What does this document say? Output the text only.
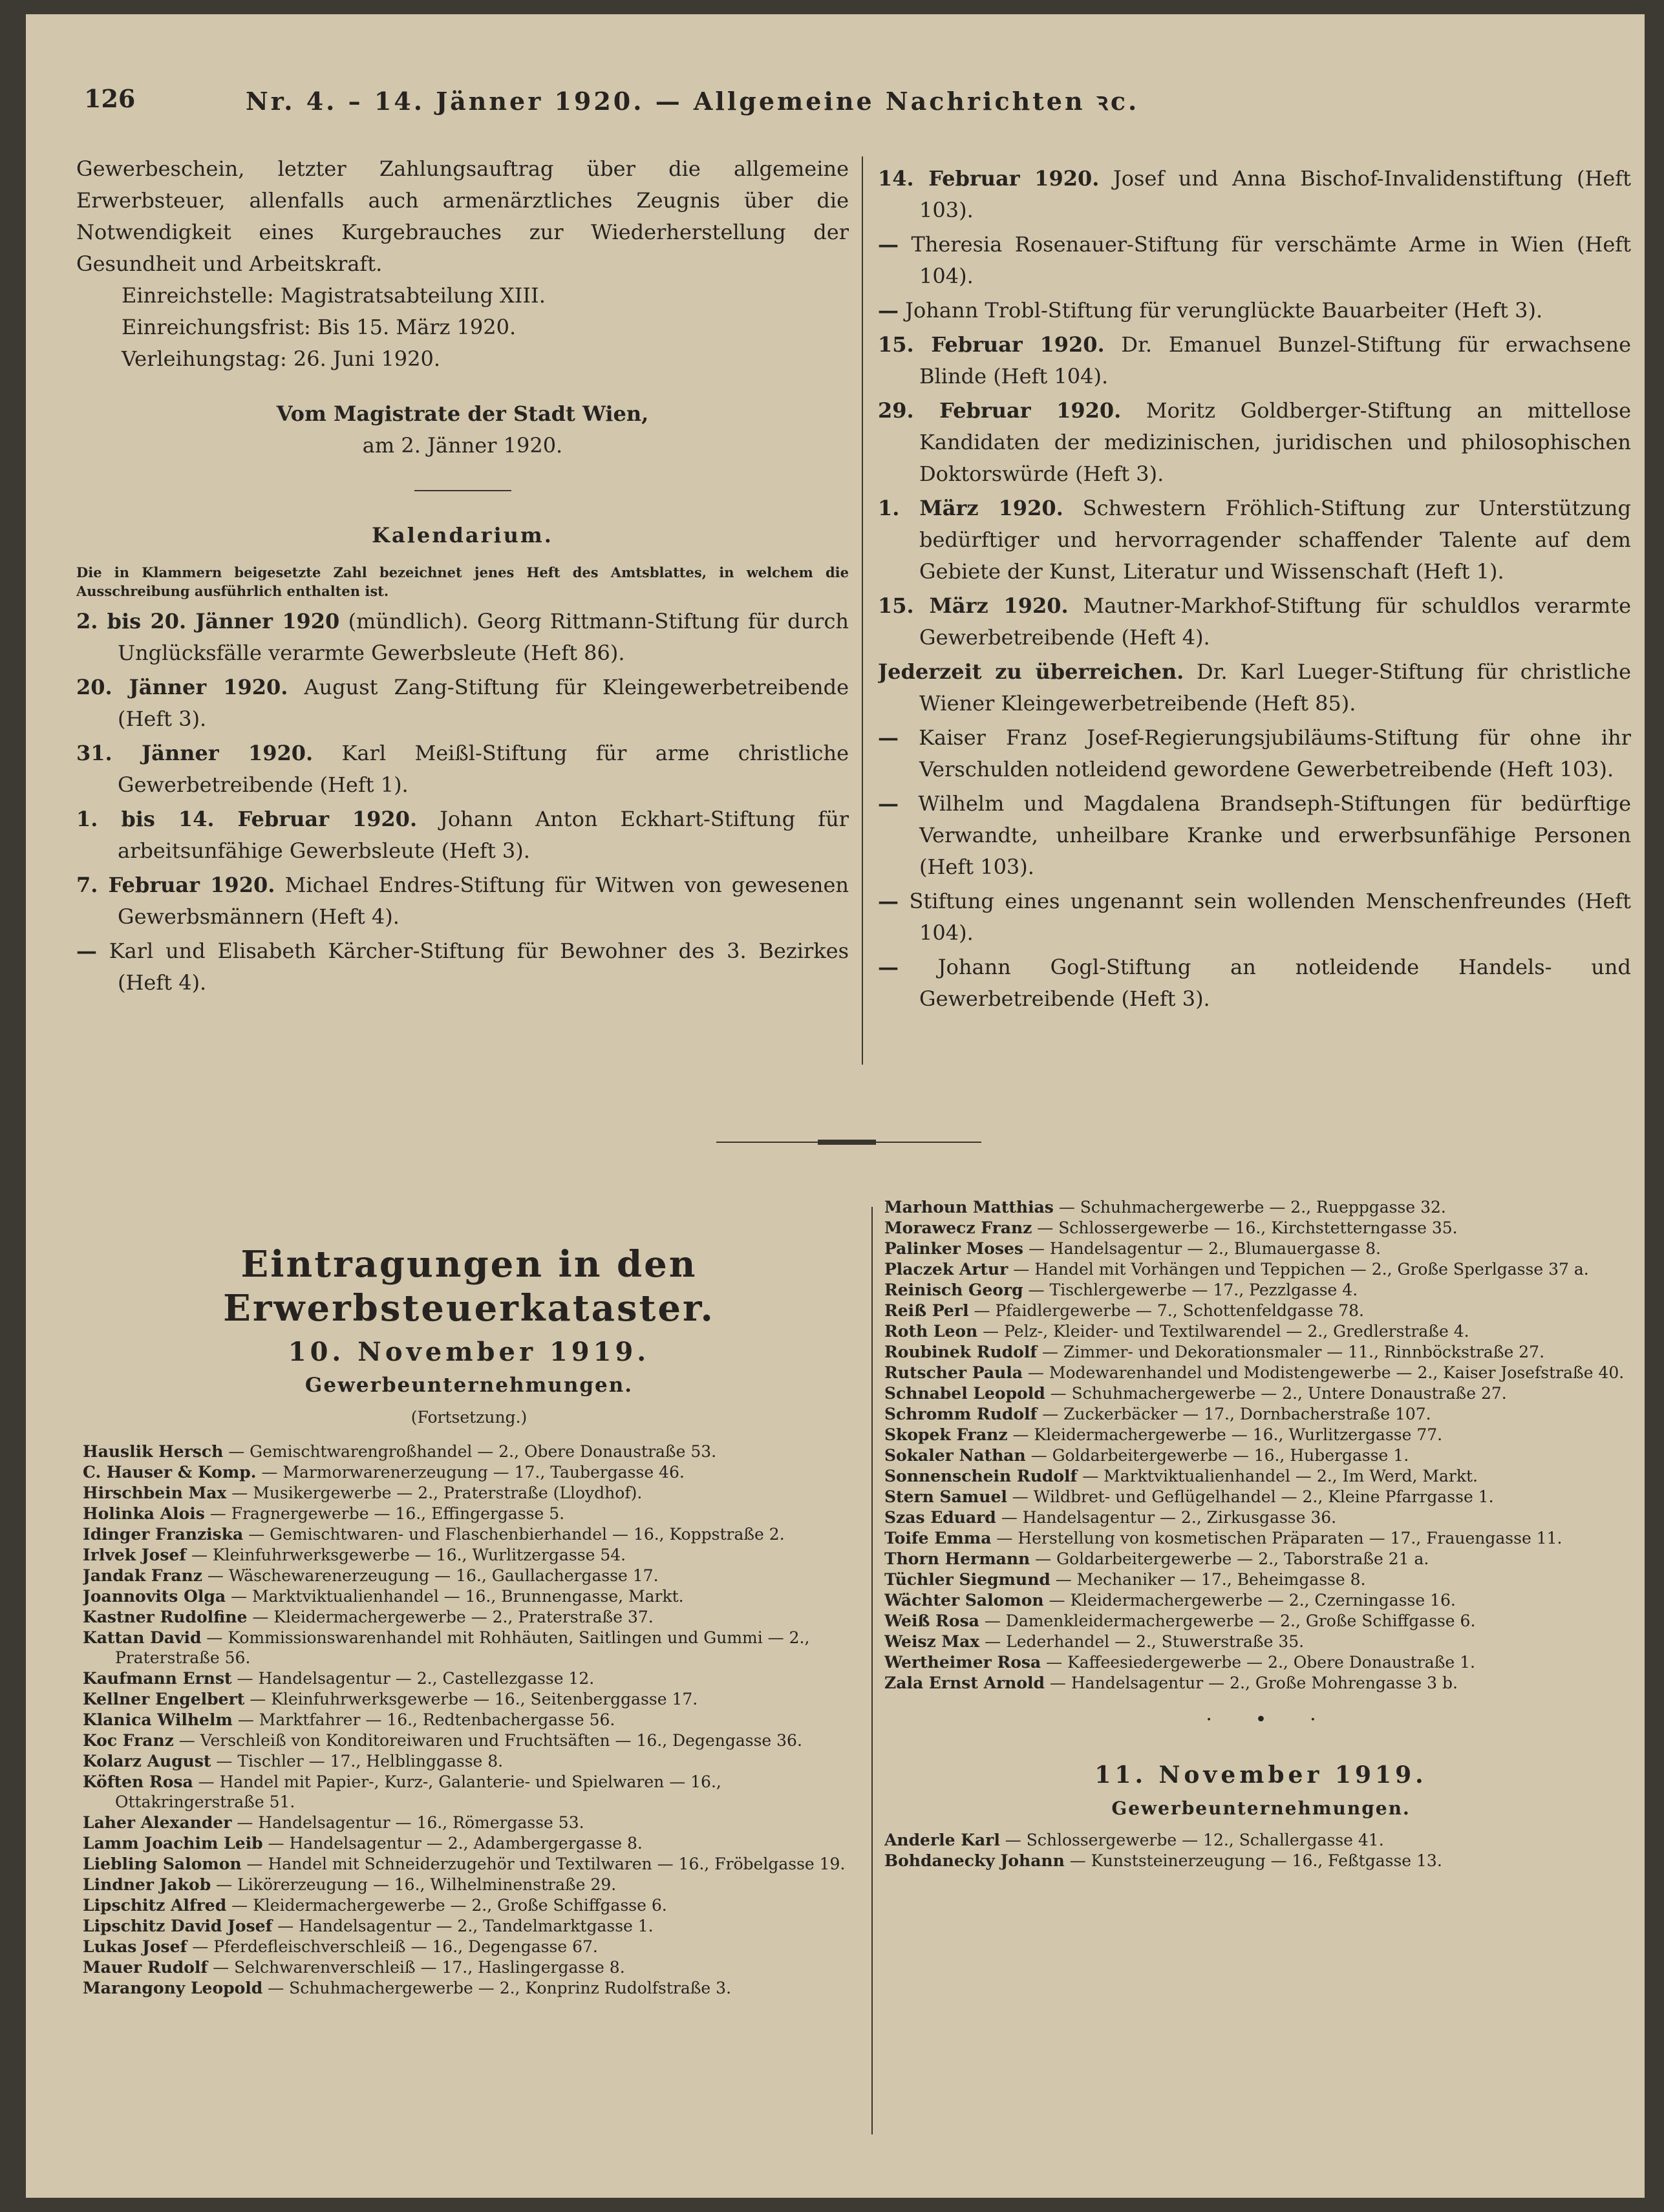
126	Nr. 4. – 14. Jänner 1920. — Allgemeine Nachrichten ꝛc.

Gewerbeschein, letzter Zahlungsauftrag über die allgemeine Erwerbsteuer, allenfalls auch armenärztliches Zeugnis über die Notwendigkeit eines Kurgebrauches zur Wiederherstellung der Gesundheit und Arbeitskraft.

Einreichstelle: Magistratsabteilung XIII.

Einreichungsfrist: Bis 15. März 1920.

Verleihungstag: 26. Juni 1920.

Vom Magistrate der Stadt Wien,

am 2. Jänner 1920.

Kalendarium.

Die in Klammern beigesetzte Zahl bezeichnet jenes Heft des Amtsblattes, in welchem die Ausschreibung ausführlich enthalten ist.

2. bis 20. Jänner 1920 (mündlich). Georg Rittmann-Stiftung für durch Unglücksfälle verarmte Gewerbsleute (Heft 86).

20. Jänner 1920. August Zang-Stiftung für Kleingewerbetreibende (Heft 3).

31. Jänner 1920. Karl Meißl-Stiftung für arme christliche Gewerbetreibende (Heft 1).

1. bis 14. Februar 1920. Johann Anton Eckhart-Stiftung für arbeitsunfähige Gewerbsleute (Heft 3).

7. Februar 1920. Michael Endres-Stiftung für Witwen von gewesenen Gewerbsmännern (Heft 4).

— Karl und Elisabeth Kärcher-Stiftung für Bewohner des 3. Bezirkes (Heft 4).

14. Februar 1920. Josef und Anna Bischof-Invalidenstiftung (Heft 103).

— Theresia Rosenauer-Stiftung für verschämte Arme in Wien (Heft 104).

— Johann Trobl-Stiftung für verunglückte Bauarbeiter (Heft 3).

15. Februar 1920. Dr. Emanuel Bunzel-Stiftung für erwachsene Blinde (Heft 104).

29. Februar 1920. Moritz Goldberger-Stiftung an mittellose Kandidaten der medizinischen, juridischen und philosophischen Doktorswürde (Heft 3).

1. März 1920. Schwestern Fröhlich-Stiftung zur Unterstützung bedürftiger und hervorragender schaffender Talente auf dem Gebiete der Kunst, Literatur und Wissenschaft (Heft 1).

15. März 1920. Mautner-Markhof-Stiftung für schuldlos verarmte Gewerbetreibende (Heft 4).

Jederzeit zu überreichen. Dr. Karl Lueger-Stiftung für christliche Wiener Kleingewerbetreibende (Heft 85).

— Kaiser Franz Josef-Regierungsjubiläums-Stiftung für ohne ihr Verschulden notleidend gewordene Gewerbetreibende (Heft 103).

— Wilhelm und Magdalena Brandseph-Stiftungen für bedürftige Verwandte, unheilbare Kranke und erwerbsunfähige Personen (Heft 103).

— Stiftung eines ungenannt sein wollenden Menschenfreundes (Heft 104).

— Johann Gogl-Stiftung an notleidende Handels- und Gewerbetreibende (Heft 3).

Eintragungen in den Erwerbsteuerkataster.

10. November 1919.

Gewerbeunternehmungen.

(Fortsetzung.)

Hauslik Hersch — Gemischtwarengroßhandel — 2., Obere Donaustraße 53.

C. Hauser & Komp. — Marmorwarenerzeugung — 17., Taubergasse 46.

Hirschbein Max — Musikergewerbe — 2., Praterstraße (Lloydhof).

Holinka Alois — Fragnergewerbe — 16., Effingergasse 5.

Idinger Franziska — Gemischtwaren- und Flaschenbierhandel — 16., Koppstraße 2.

Irlvek Josef — Kleinfuhrwerksgewerbe — 16., Wurlitzergasse 54.

Jandak Franz — Wäschewarenerzeugung — 16., Gaullachergasse 17.

Joannovits Olga — Marktviktualienhandel — 16., Brunnengasse, Markt.

Kastner Rudolfine — Kleidermachergewerbe — 2., Praterstraße 37.

Kattan David — Kommissionswarenhandel mit Rohhäuten, Saitlingen und Gummi — 2., Praterstraße 56.

Kaufmann Ernst — Handelsagentur — 2., Castellezgasse 12.

Kellner Engelbert — Kleinfuhrwerksgewerbe — 16., Seitenberggasse 17.

Klanica Wilhelm — Marktfahrer — 16., Redtenbachergasse 56.

Koc Franz — Verschleiß von Konditoreiwaren und Fruchtsäften — 16., Degengasse 36.

Kolarz August — Tischler — 17., Helblinggasse 8.

Köften Rosa — Handel mit Papier-, Kurz-, Galanterie- und Spielwaren — 16., Ottakringerstraße 51.

Laher Alexander — Handelsagentur — 16., Römergasse 53.

Lamm Joachim Leib — Handelsagentur — 2., Adambergergasse 8.

Liebling Salomon — Handel mit Schneiderzugehör und Textilwaren — 16., Fröbelgasse 19.

Lindner Jakob — Likörerzeugung — 16., Wilhelminenstraße 29.

Lipschitz Alfred — Kleidermachergewerbe — 2., Große Schiffgasse 6.

Lipschitz David Josef — Handelsagentur — 2., Tandelmarktgasse 1.

Lukas Josef — Pferdefleischverschleiß — 16., Degengasse 67.

Mauer Rudolf — Selchwarenverschleiß — 17., Haslingergasse 8.

Marangony Leopold — Schuhmachergewerbe — 2., Konprinz Rudolfstraße 3.

Marhoun Matthias — Schuhmachergewerbe — 2., Rueppgasse 32.

Morawecz Franz — Schlossergewerbe — 16., Kirchstetterngasse 35.

Palinker Moses — Handelsagentur — 2., Blumauergasse 8.

Placzek Artur — Handel mit Vorhängen und Teppichen — 2., Große Sperlgasse 37 a.

Reinisch Georg — Tischlergewerbe — 17., Pezzlgasse 4.

Reiß Perl — Pfaidlergewerbe — 7., Schottenfeldgasse 78.

Roth Leon — Pelz-, Kleider- und Textilwarendel — 2., Gredlerstraße 4.

Roubinek Rudolf — Zimmer- und Dekorationsmaler — 11., Rinnböckstraße 27.

Rutscher Paula — Modewarenhandel und Modistengewerbe — 2., Kaiser Josefstraße 40.

Schnabel Leopold — Schuhmachergewerbe — 2., Untere Donaustraße 27.

Schromm Rudolf — Zuckerbäcker — 17., Dornbacherstraße 107.

Skopek Franz — Kleidermachergewerbe — 16., Wurlitzergasse 77.

Sokaler Nathan — Goldarbeitergewerbe — 16., Hubergasse 1.

Sonnenschein Rudolf — Marktviktualienhandel — 2., Im Werd, Markt.

Stern Samuel — Wildbret- und Geflügelhandel — 2., Kleine Pfarrgasse 1.

Szas Eduard — Handelsagentur — 2., Zirkusgasse 36.

Toife Emma — Herstellung von kosmetischen Präparaten — 17., Frauengasse 11.

Thorn Hermann — Goldarbeitergewerbe — 2., Taborstraße 21 a.

Tüchler Siegmund — Mechaniker — 17., Beheimgasse 8.

Wächter Salomon — Kleidermachergewerbe — 2., Czerningasse 16.

Weiß Rosa — Damenkleidermachergewerbe — 2., Große Schiffgasse 6.

Weisz Max — Lederhandel — 2., Stuwerstraße 35.

Wertheimer Rosa — Kaffeesiedergewerbe — 2., Obere Donaustraße 1.

Zala Ernst Arnold — Handelsagentur — 2., Große Mohrengasse 3 b.

·       •       ·

11. November 1919.

Gewerbeunternehmungen.

Anderle Karl — Schlossergewerbe — 12., Schallergasse 41.

Bohdanecky Johann — Kunststeinerzeugung — 16., Feßtgasse 13.
